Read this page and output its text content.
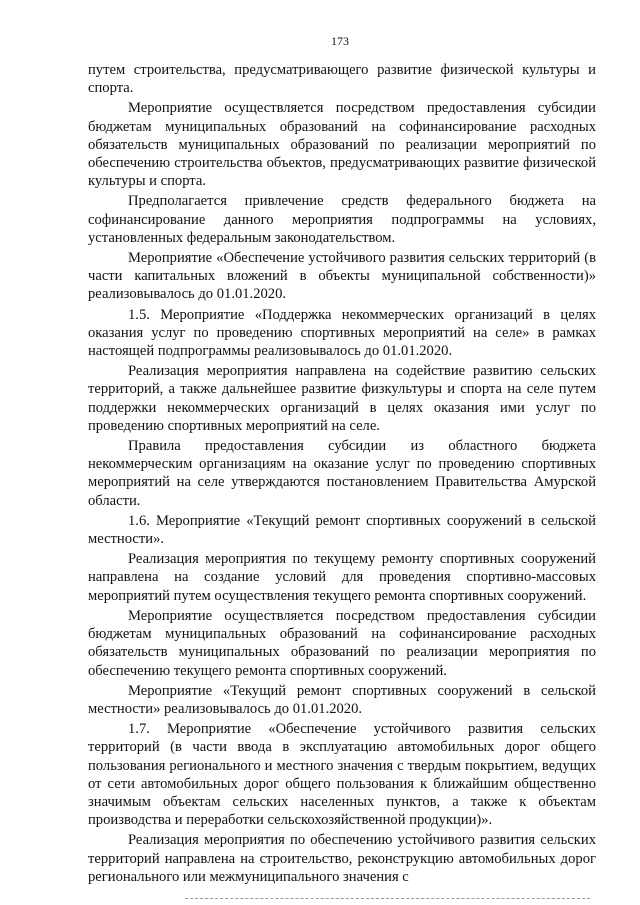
173

путем строительства, предусматривающего развитие физической культуры и спорта.

Мероприятие осуществляется посредством предоставления субсидии бюджетам муниципальных образований на софинансирование расходных обязательств муниципальных образований по реализации мероприятий по обеспечению строительства объектов, предусматривающих развитие физической культуры и спорта.

Предполагается привлечение средств федерального бюджета на софинансирование данного мероприятия подпрограммы на условиях, установленных федеральным законодательством.

Мероприятие «Обеспечение устойчивого развития сельских территорий (в части капитальных вложений в объекты муниципальной собственности)» реализовывалось до 01.01.2020.

1.5. Мероприятие «Поддержка некоммерческих организаций в целях оказания услуг по проведению спортивных мероприятий на селе» в рамках настоящей подпрограммы реализовывалось до 01.01.2020.

Реализация мероприятия направлена на содействие развитию сельских территорий, а также дальнейшее развитие физкультуры и спорта на селе путем поддержки некоммерческих организаций в целях оказания ими услуг по проведению спортивных мероприятий на селе.

Правила предоставления субсидии из областного бюджета некоммерческим организациям на оказание услуг по проведению спортивных мероприятий на селе утверждаются постановлением Правительства Амурской области.

1.6. Мероприятие «Текущий ремонт спортивных сооружений в сельской местности».

Реализация мероприятия по текущему ремонту спортивных сооружений направлена на создание условий для проведения спортивно-массовых мероприятий путем осуществления текущего ремонта спортивных сооружений.

Мероприятие осуществляется посредством предоставления субсидии бюджетам муниципальных образований на софинансирование расходных обязательств муниципальных образований по реализации мероприятия по обеспечению текущего ремонта спортивных сооружений.

Мероприятие «Текущий ремонт спортивных сооружений в сельской местности» реализовывалось до 01.01.2020.

1.7. Мероприятие «Обеспечение устойчивого развития сельских территорий (в части ввода в эксплуатацию автомобильных дорог общего пользования регионального и местного значения с твердым покрытием, ведущих от сети автомобильных дорог общего пользования к ближайшим общественно значимым объектам сельских населенных пунктов, а также к объектам производства и переработки сельскохозяйственной продукции)».

Реализация мероприятия по обеспечению устойчивого развития сельских территорий направлена на строительство, реконструкцию автомобильных дорог регионального или межмуниципального значения с
